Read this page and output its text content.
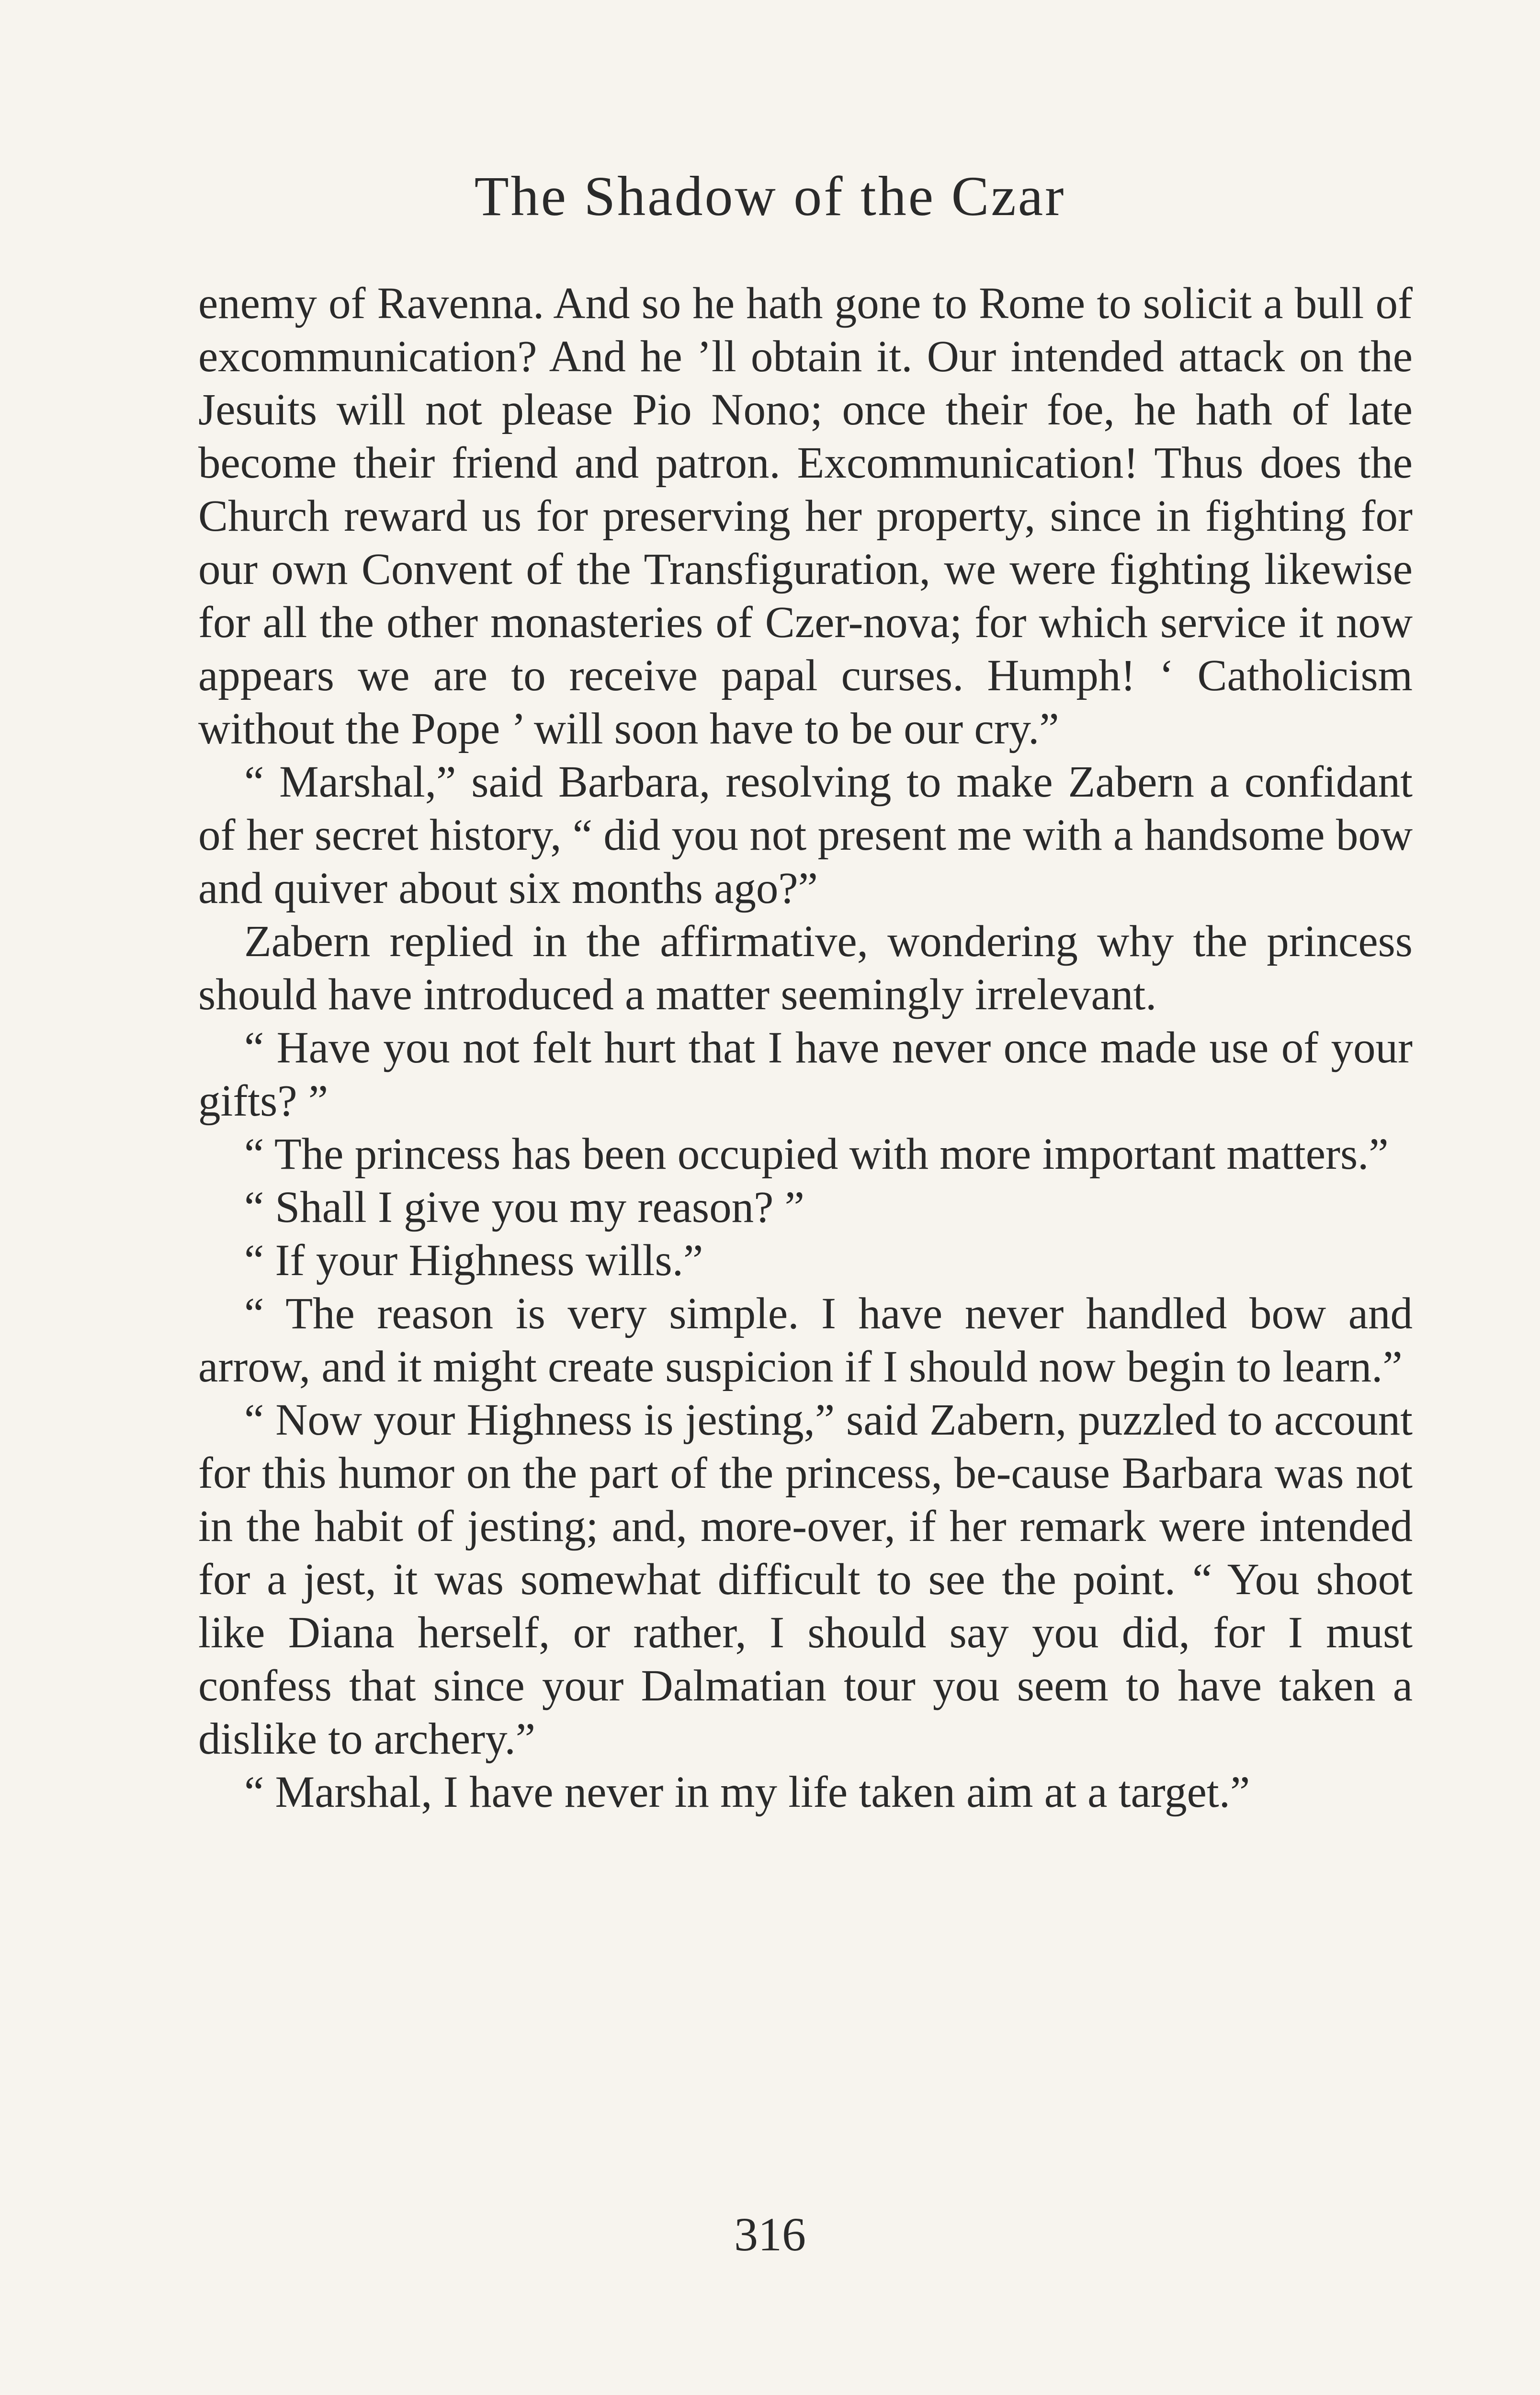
The Shadow of the Czar

enemy of Ravenna. And so he hath gone to Rome to solicit a bull of excommunication? And he ’ll obtain it. Our intended attack on the Jesuits will not please Pio Nono; once their foe, he hath of late become their friend and patron. Excommunication! Thus does the Church reward us for preserving her property, since in fighting for our own Convent of the Transfiguration, we were fighting likewise for all the other monasteries of Czer-nova; for which service it now appears we are to receive papal curses. Humph! ‘ Catholicism without the Pope ’ will soon have to be our cry.”

“ Marshal,” said Barbara, resolving to make Zabern a confidant of her secret history, “ did you not present me with a handsome bow and quiver about six months ago?”

Zabern replied in the affirmative, wondering why the princess should have introduced a matter seemingly irrelevant.

“ Have you not felt hurt that I have never once made use of your gifts? ”

“ The princess has been occupied with more important matters.”

“ Shall I give you my reason? ”

“ If your Highness wills.”

“ The reason is very simple. I have never handled bow and arrow, and it might create suspicion if I should now begin to learn.”

“ Now your Highness is jesting,” said Zabern, puzzled to account for this humor on the part of the princess, be-cause Barbara was not in the habit of jesting; and, more-over, if her remark were intended for a jest, it was somewhat difficult to see the point. “ You shoot like Diana herself, or rather, I should say you did, for I must confess that since your Dalmatian tour you seem to have taken a dislike to archery.”

“ Marshal, I have never in my life taken aim at a target.”

316
